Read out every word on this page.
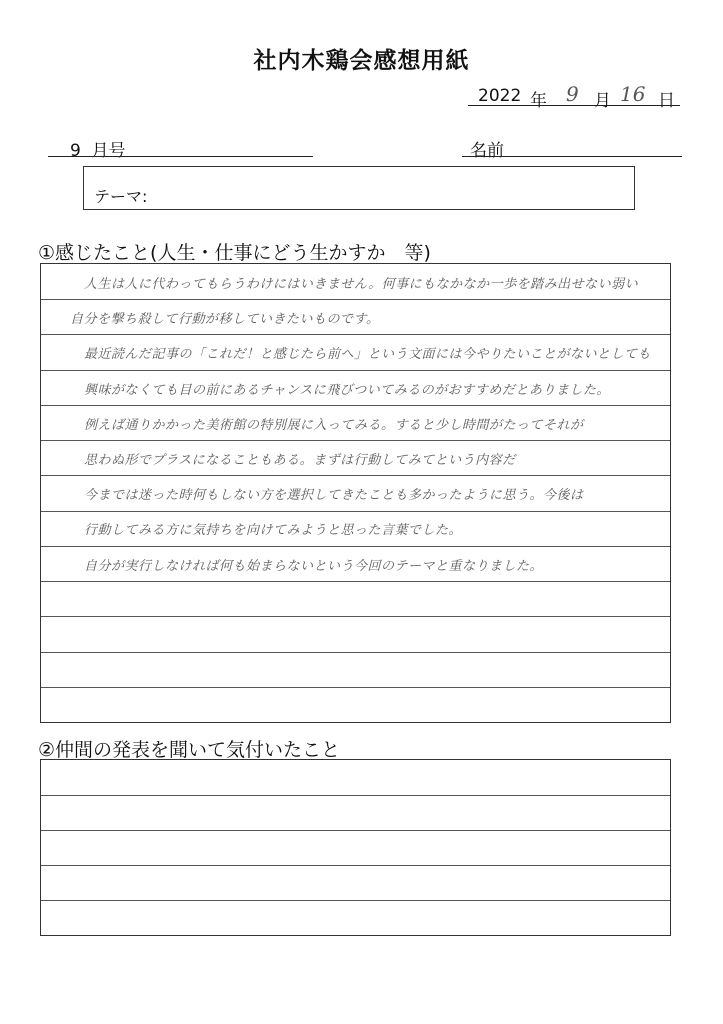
社内木鶏会感想用紙
2022 年 9 月 16 日
9 月号	名前
テーマ:
①感じたこと(人生・仕事にどう生かすか　等)
②仲間の発表を聞いて気付いたこと
人生は人に代わってもらうわけにはいきません。何事にもなかなか一歩を踏み出せない弱い
自分を撃ち殺して行動が移していきたいものです。
最近読んだ記事の「これだ！と感じたら前へ」という文面には今やりたいことがないとしても
興味がなくても目の前にあるチャンスに飛びついてみるのがおすすめだとありました。
例えば通りかかった美術館の特別展に入ってみる。すると少し時間がたってそれが
思わぬ形でプラスになることもある。まずは行動してみてという内容だ
今までは迷った時何もしない方を選択してきたことも多かったように思う。今後は
行動してみる方に気持ちを向けてみようと思った言葉でした。
自分が実行しなければ何も始まらないという今回のテーマと重なりました。
